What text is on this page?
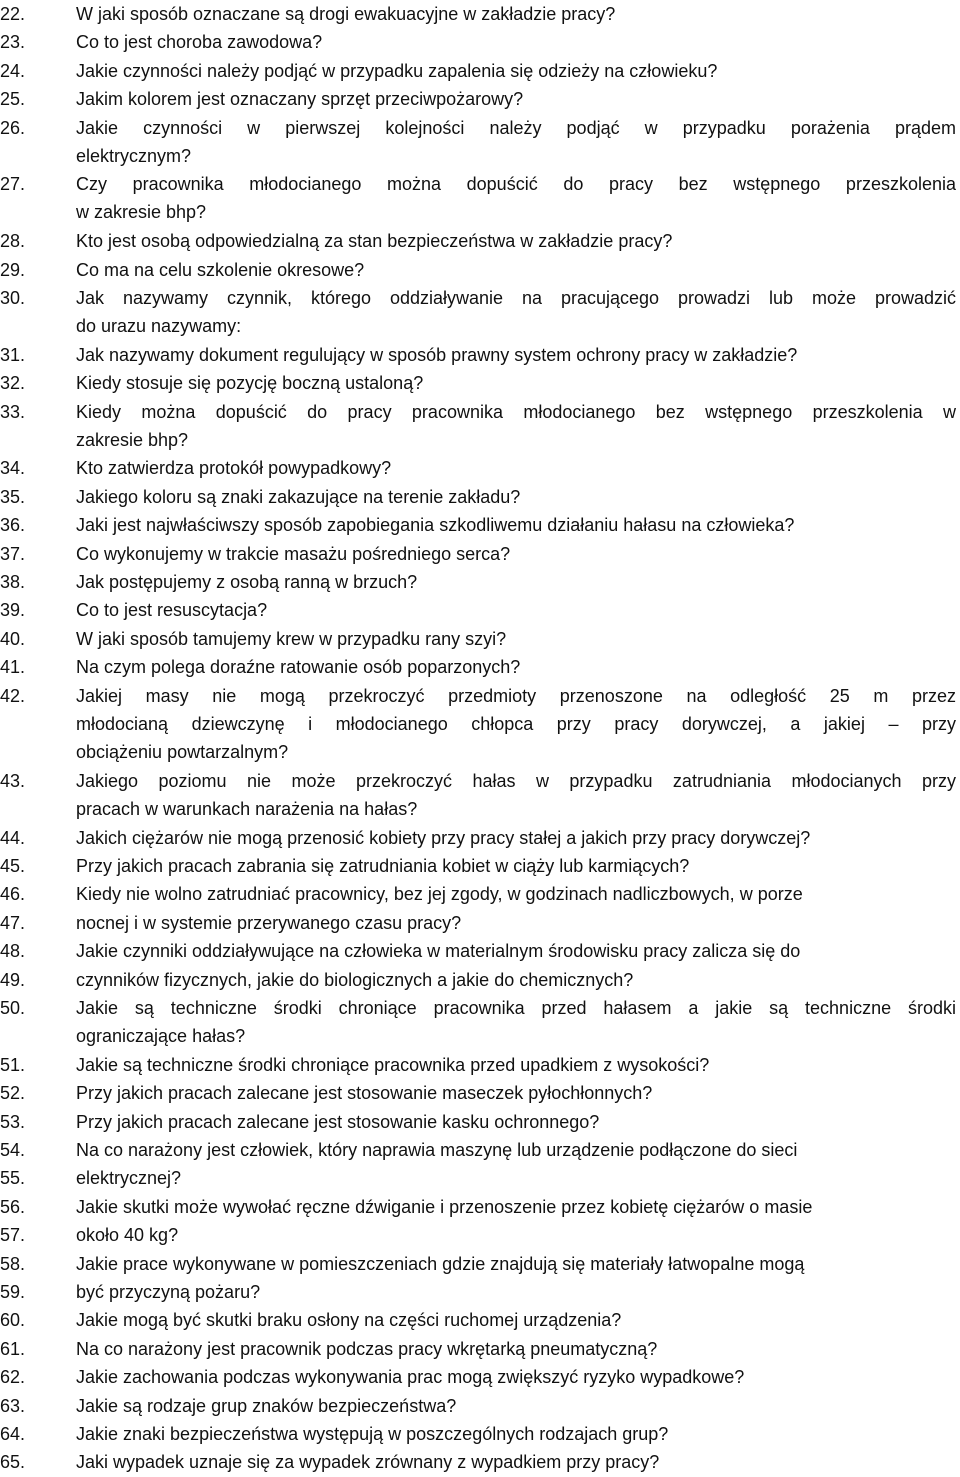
22.	W jaki sposób oznaczane są drogi ewakuacyjne w zakładzie pracy?
23.	Co to jest choroba zawodowa?
24.	Jakie czynności należy podjąć w przypadku zapalenia się odzieży na człowieku?
25.	Jakim kolorem jest oznaczany sprzęt przeciwpożarowy?
26.	Jakie czynności w pierwszej kolejności należy podjąć w przypadku porażenia prądem
elektrycznym?
27.	Czy pracownika młodocianego można dopuścić do pracy bez wstępnego przeszkolenia
w zakresie bhp?
28.	Kto jest osobą odpowiedzialną za stan bezpieczeństwa w zakładzie pracy?
29.	Co ma na celu szkolenie okresowe?
30.	Jak nazywamy czynnik, którego oddziaływanie na pracującego prowadzi lub może prowadzić
do urazu nazywamy:
31.	Jak nazywamy dokument regulujący w sposób prawny system ochrony pracy w zakładzie?
32.	Kiedy stosuje się pozycję boczną ustaloną?
33.	Kiedy można dopuścić do pracy pracownika młodocianego bez wstępnego przeszkolenia w
zakresie bhp?
34.	Kto zatwierdza protokół powypadkowy?
35.	Jakiego koloru są znaki zakazujące na terenie zakładu?
36.	Jaki jest najwłaściwszy sposób zapobiegania szkodliwemu działaniu hałasu na człowieka?
37.	Co wykonujemy w trakcie masażu pośredniego serca?
38.	Jak postępujemy z osobą ranną w brzuch?
39.	Co to jest resuscytacja?
40.	W jaki sposób tamujemy krew w przypadku rany szyi?
41.	Na czym polega doraźne ratowanie osób poparzonych?
42.	Jakiej masy nie mogą przekroczyć przedmioty przenoszone na odległość 25 m przez
młodocianą dziewczynę i młodocianego chłopca przy pracy dorywczej, a jakiej – przy
obciążeniu powtarzalnym?
43.	Jakiego poziomu nie może przekroczyć hałas w przypadku zatrudniania młodocianych przy
pracach w warunkach narażenia na hałas?
44.	Jakich ciężarów nie mogą przenosić kobiety przy pracy stałej a jakich przy pracy dorywczej?
45.	Przy jakich pracach zabrania się zatrudniania kobiet w ciąży lub karmiących?
46.	Kiedy nie wolno zatrudniać pracownicy, bez jej zgody, w godzinach nadliczbowych, w porze
47.	nocnej i w systemie przerywanego czasu pracy?
48.	Jakie czynniki oddziaływujące na człowieka w materialnym środowisku pracy zalicza się do
49.	czynników fizycznych, jakie do biologicznych a jakie do chemicznych?
50.	Jakie są techniczne środki chroniące pracownika przed hałasem a jakie są techniczne środki
ograniczające hałas?
51.	Jakie są techniczne środki chroniące pracownika przed upadkiem z wysokości?
52.	Przy jakich pracach zalecane jest stosowanie maseczek pyłochłonnych?
53.	Przy jakich pracach zalecane jest stosowanie kasku ochronnego?
54.	Na co narażony jest człowiek, który naprawia maszynę lub urządzenie podłączone do sieci
55.	elektrycznej?
56.	Jakie skutki może wywołać ręczne dźwiganie i przenoszenie przez kobietę ciężarów o masie
57.	około 40 kg?
58.	Jakie prace wykonywane w pomieszczeniach gdzie znajdują się materiały łatwopalne mogą
59.	być przyczyną pożaru?
60.	Jakie mogą być skutki braku osłony na części ruchomej urządzenia?
61.	Na co narażony jest pracownik podczas pracy wkrętarką pneumatyczną?
62.	Jakie zachowania podczas wykonywania prac mogą zwiększyć ryzyko wypadkowe?
63.	Jakie są rodzaje grup znaków bezpieczeństwa?
64.	Jakie znaki bezpieczeństwa występują w poszczególnych rodzajach grup?
65.	Jaki wypadek uznaje się za wypadek zrównany z wypadkiem przy pracy?
